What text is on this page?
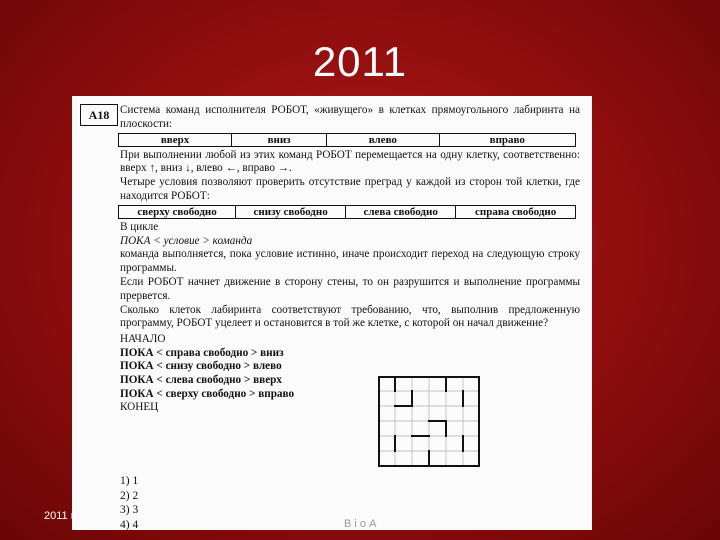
2011
A18 Система команд исполнителя РОБОТ, «живущего» в клетках прямоугольного лабиринта на плоскости:
вверх	вниз	влево	вправо
При выполнении любой из этих команд РОБОТ перемещается на одну клетку, соответственно: вверх ↑, вниз ↓, влево ←, вправо →.
Четыре условия позволяют проверить отсутствие преград у каждой из сторон той клетки, где находится РОБОТ:
сверху свободно	снизу свободно	слева свободно	справа свободно
В цикле
ПОКА < условие > команда
команда выполняется, пока условие истинно, иначе происходит переход на следующую строку программы.
Если РОБОТ начнет движение в сторону стены, то он разрушится и выполнение программы прервется.
Сколько клеток лабиринта соответствуют требованию, что, выполнив предложенную программу, РОБОТ уцелеет и остановится в той же клетке, с которой он начал движение?
НАЧАЛО
ПОКА < справа свободно > вниз
ПОКА < снизу свободно > влево
ПОКА < слева свободно > вверх
ПОКА < сверху свободно > вправо
КОНЕЦ
1) 1
2) 2
3) 3
4) 4	В і о А
2011 г.
